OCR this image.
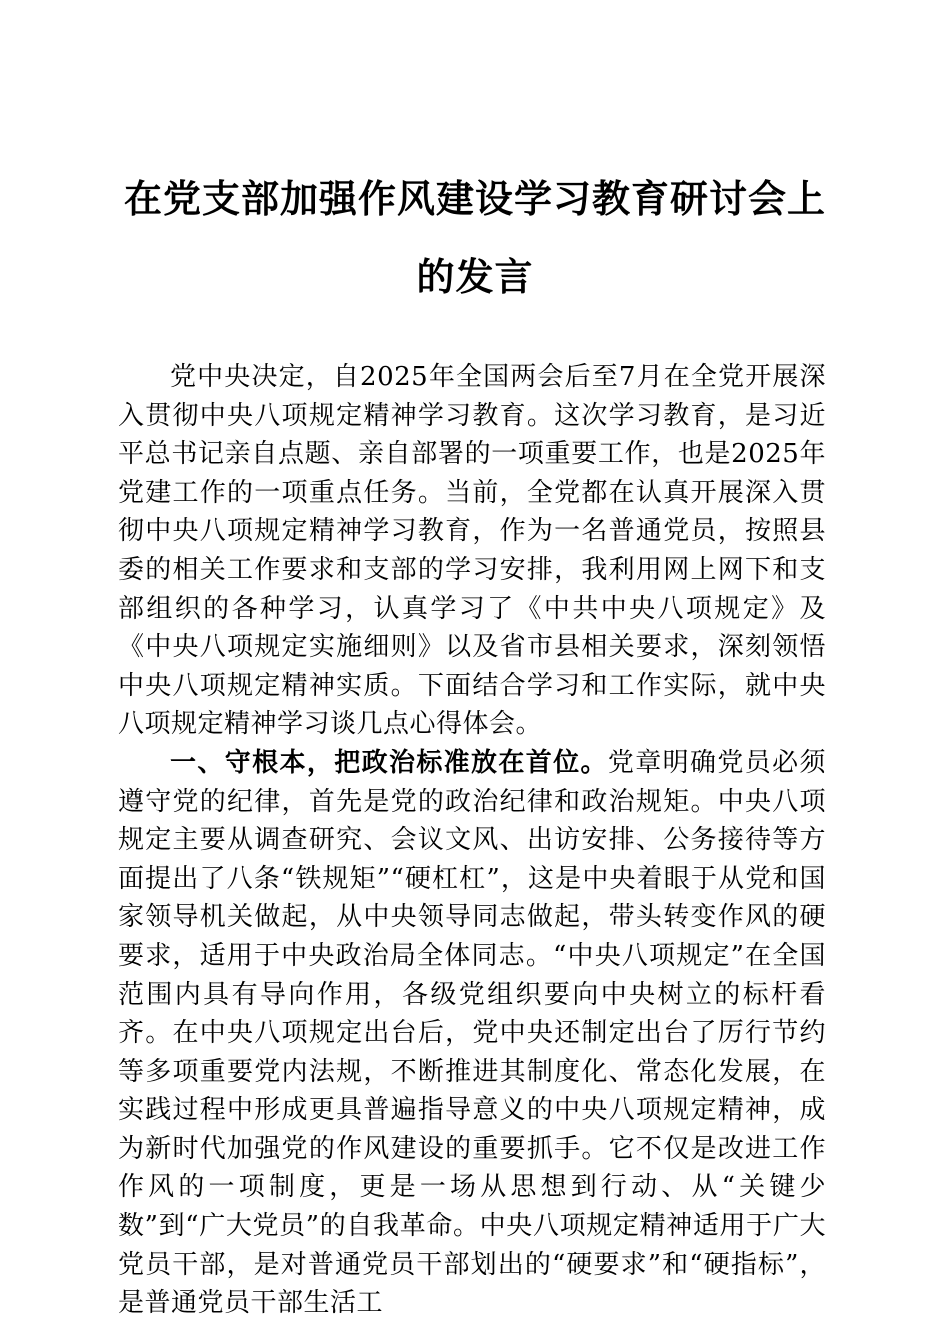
在党支部加强作风建设学习教育研讨会上的发言

党中央决定，自2025年全国两会后至7月在全党开展深入贯彻中央八项规定精神学习教育。这次学习教育，是习近平总书记亲自点题、亲自部署的一项重要工作，也是2025年党建工作的一项重点任务。当前，全党都在认真开展深入贯彻中央八项规定精神学习教育，作为一名普通党员，按照县委的相关工作要求和支部的学习安排，我利用网上网下和支部组织的各种学习，认真学习了《中共中央八项规定》及《中央八项规定实施细则》以及省市县相关要求，深刻领悟中央八项规定精神实质。下面结合学习和工作实际，就中央八项规定精神学习谈几点心得体会。

一、守根本，把政治标准放在首位。党章明确党员必须遵守党的纪律，首先是党的政治纪律和政治规矩。中央八项规定主要从调查研究、会议文风、出访安排、公务接待等方面提出了八条“铁规矩”“硬杠杠”，这是中央着眼于从党和国家领导机关做起，从中央领导同志做起，带头转变作风的硬要求，适用于中央政治局全体同志。“中央八项规定”在全国范围内具有导向作用，各级党组织要向中央树立的标杆看齐。在中央八项规定出台后，党中央还制定出台了厉行节约等多项重要党内法规，不断推进其制度化、常态化发展，在实践过程中形成更具普遍指导意义的中央八项规定精神，成为新时代加强党的作风建设的重要抓手。它不仅是改进工作作风的一项制度，更是一场从思想到行动、从“关键少数”到“广大党员”的自我革命。中央八项规定精神适用于广大党员干部，是对普通党员干部划出的“硬要求”和“硬指标”，是普通党员干部生活工
